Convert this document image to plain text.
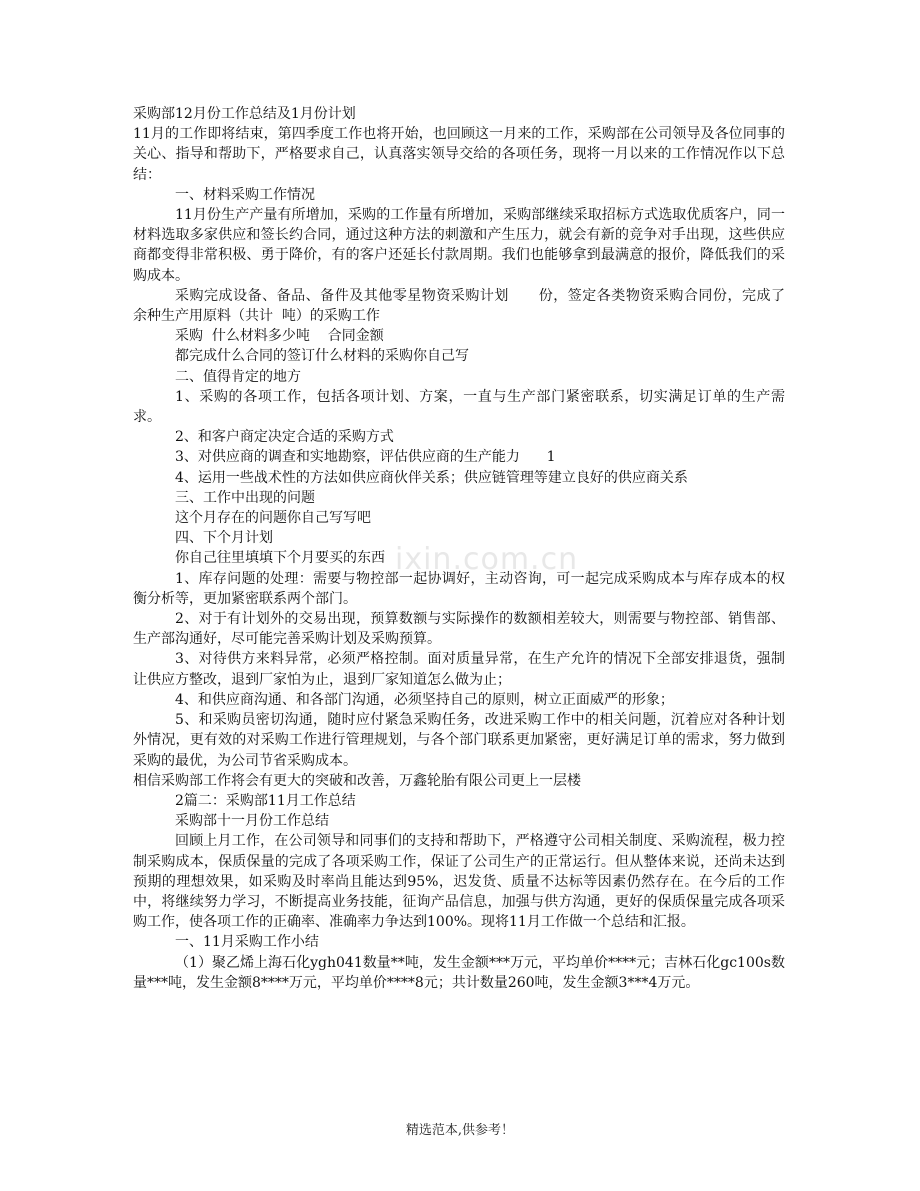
ixin.com.cn

采购部12月份工作总结及1月份计划

11月的工作即将结束，第四季度工作也将开始，也回顾这一月来的工作，采购部在公司领导及各位同事的关心、指导和帮助下，严格要求自己，认真落实领导交给的各项任务，现将一月以来的工作情况作以下总结：

一、材料采购工作情况

11月份生产产量有所增加，采购的工作量有所增加，采购部继续采取招标方式选取优质客户，同一材料选取多家供应和签长约合同，通过这种方法的刺激和产生压力，就会有新的竞争对手出现，这些供应商都变得非常积极、勇于降价，有的客户还延长付款周期。我们也能够拿到最满意的报价，降低我们的采购成本。

采购完成设备、备品、备件及其他零星物资采购计划      份，签定各类物资采购合同份，完成了    余种生产用原料（共计  吨）的采购工作

采购  什么材料多少吨    合同金额

都完成什么合同的签订什么材料的采购你自己写

二、值得肯定的地方

1、采购的各项工作，包括各项计划、方案，一直与生产部门紧密联系，切实满足订单的生产需求。

2、和客户商定决定合适的采购方式

3、对供应商的调查和实地勘察，评估供应商的生产能力      1

4、运用一些战术性的方法如供应商伙伴关系；供应链管理等建立良好的供应商关系

三、工作中出现的问题

这个月存在的问题你自己写写吧

四、下个月计划

你自己往里填填下个月要买的东西

1、库存问题的处理：需要与物控部一起协调好，主动咨询，可一起完成采购成本与库存成本的权衡分析等，更加紧密联系两个部门。

2、对于有计划外的交易出现，预算数额与实际操作的数额相差较大，则需要与物控部、销售部、生产部沟通好，尽可能完善采购计划及采购预算。

3、对待供方来料异常，必须严格控制。面对质量异常，在生产允许的情况下全部安排退货，强制让供应方整改，退到厂家怕为止，退到厂家知道怎么做为止；

4、和供应商沟通、和各部门沟通，必须坚持自己的原则，树立正面威严的形象；

5、和采购员密切沟通，随时应付紧急采购任务，改进采购工作中的相关问题，沉着应对各种计划外情况，更有效的对采购工作进行管理规划，与各个部门联系更加紧密，更好满足订单的需求，努力做到采购的最优，为公司节省采购成本。

相信采购部工作将会有更大的突破和改善，万鑫轮胎有限公司更上一层楼

2篇二：采购部11月工作总结

采购部十一月份工作总结

回顾上月工作，在公司领导和同事们的支持和帮助下，严格遵守公司相关制度、采购流程，极力控制采购成本，保质保量的完成了各项采购工作，保证了公司生产的正常运行。但从整体来说，还尚未达到预期的理想效果，如采购及时率尚且能达到95%，迟发货、质量不达标等因素仍然存在。在今后的工作中，将继续努力学习，不断提高业务技能，征询产品信息，加强与供方沟通，更好的保质保量完成各项采购工作，使各项工作的正确率、准确率力争达到100%。现将11月工作做一个总结和汇报。

一、11月采购工作小结

（1）聚乙烯上海石化ygh041数量**吨，发生金额***万元，平均单价****元；吉林石化gc100s数量***吨，发生金额8****万元，平均单价****8元；共计数量260吨，发生金额3***4万元。

精选范本,供参考！
